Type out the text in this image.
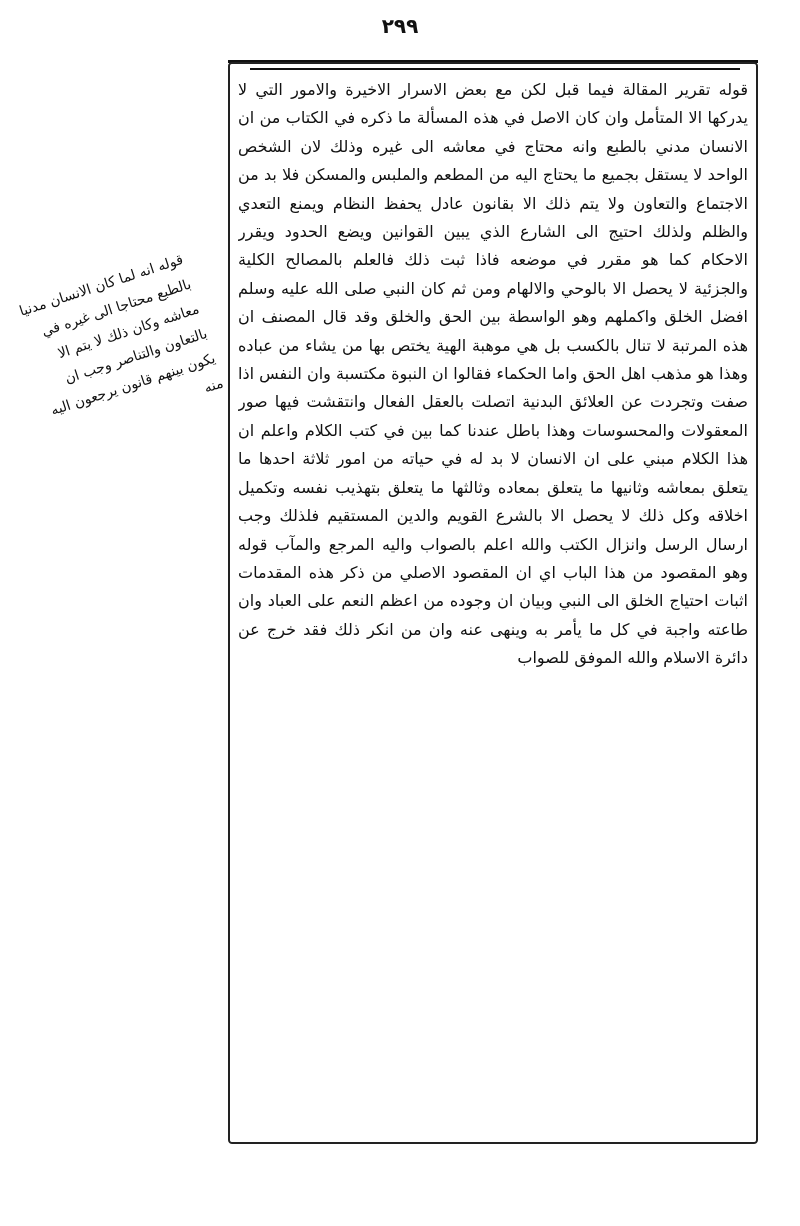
٢٩٩
قوله تقرير المقالة فيما قبل لكن مع بعض الاسرار الاخيرة والامور التي لا يدركها الا المتأمل وان كان الاصل في هذه المسألة ما ذكره في الكتاب من ان الانسان مدني بالطبع وانه محتاج في معاشه الى غيره وذلك لان الشخص الواحد لا يستقل بجميع ما يحتاج اليه من المطعم والملبس والمسكن فلا بد من الاجتماع والتعاون ولا يتم ذلك الا بقانون عادل يحفظ النظام ويمنع التعدي والظلم ولذلك احتيج الى الشارع الذي يبين القوانين ويضع الحدود ويقرر الاحكام كما هو مقرر في موضعه فاذا ثبت ذلك فالعلم بالمصالح الكلية والجزئية لا يحصل الا بالوحي والالهام ومن ثم كان النبي صلى الله عليه وسلم افضل الخلق واكملهم وهو الواسطة بين الحق والخلق وقد قال المصنف ان هذه المرتبة لا تنال بالكسب بل هي موهبة الهية يختص بها من يشاء من عباده وهذا هو مذهب اهل الحق واما الحكماء فقالوا ان النبوة مكتسبة وان النفس اذا صفت وتجردت عن العلائق البدنية اتصلت بالعقل الفعال وانتقشت فيها صور المعقولات والمحسوسات وهذا باطل عندنا كما بين في كتب الكلام واعلم ان هذا الكلام مبني على ان الانسان لا بد له في حياته من امور ثلاثة احدها ما يتعلق بمعاشه وثانيها ما يتعلق بمعاده وثالثها ما يتعلق بتهذيب نفسه وتكميل اخلاقه وكل ذلك لا يحصل الا بالشرع القويم والدين المستقيم فلذلك وجب ارسال الرسل وانزال الكتب والله اعلم بالصواب واليه المرجع والمآب قوله وهو المقصود من هذا الباب اي ان المقصود الاصلي من ذكر هذه المقدمات اثبات احتياج الخلق الى النبي وبيان ان وجوده من اعظم النعم على العباد وان طاعته واجبة في كل ما يأمر به وينهى عنه وان من انكر ذلك فقد خرج عن دائرة الاسلام والله الموفق للصواب
قوله انه لما كان الانسان مدنيا بالطبع محتاجا الى غيره في معاشه وكان ذلك لا يتم الا بالتعاون والتناصر وجب ان يكون بينهم قانون يرجعون اليه منه
